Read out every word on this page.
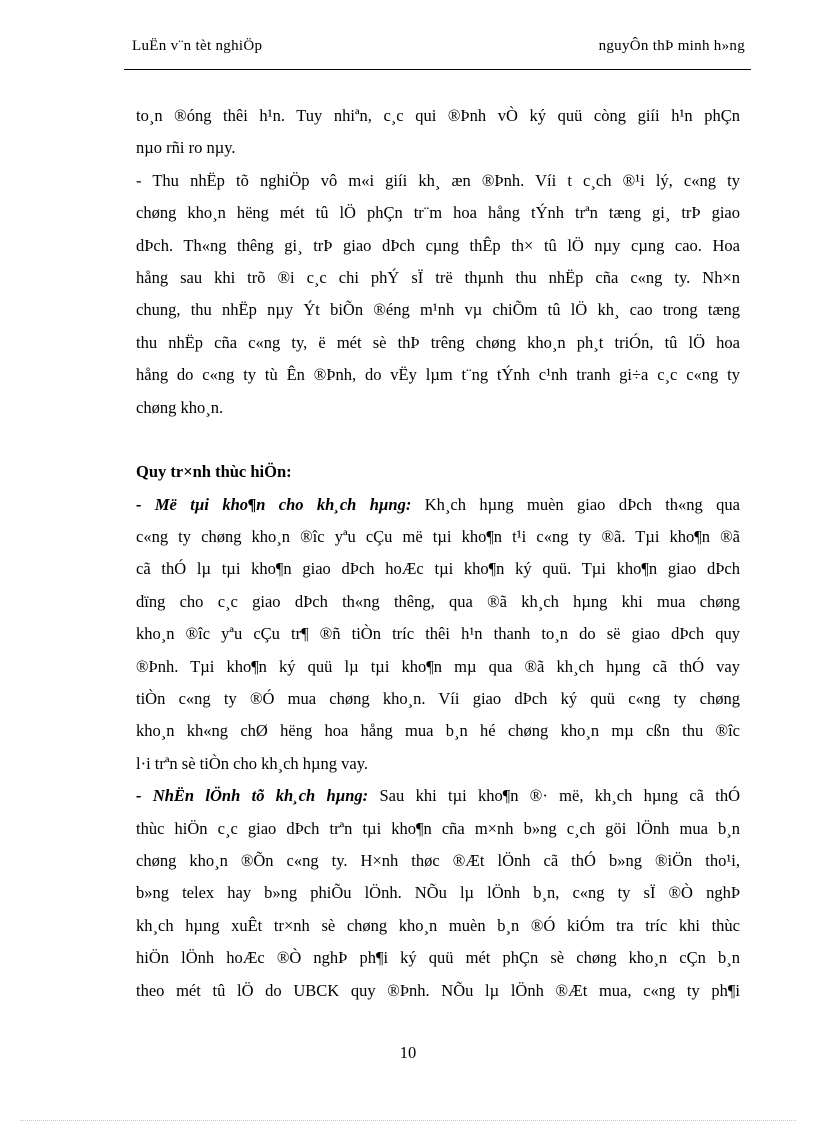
LuËn v¨n tèt nghiÖp	nguyÔn thÞ minh h»ng
to¸n ®óng thêi h¹n. Tuy nhiªn, c¸c qui ®Þnh vÒ ký quü còng giíi h¹n phÇn
nµo rñi ro nµy.
- Thu nhËp tõ nghiÖp vô m«i giíi kh¸ æn ®Þnh. Víi t c¸ch ®¹i lý, c«ng ty
chøng kho¸n hëng mét tû lÖ phÇn tr¨m hoa hång tÝnh trªn tæng gi¸ trÞ giao
dÞch. Th«ng thêng gi¸ trÞ giao dÞch cµng thÊp th× tû lÖ nµy cµng cao. Hoa
hång sau khi trõ ®i c¸c chi phÝ sÏ trë thµnh thu nhËp cña c«ng ty. Nh×n
chung, thu nhËp nµy Ýt biÕn ®éng m¹nh vµ chiÕm tû lÖ kh¸ cao trong tæng
thu nhËp cña c«ng ty, ë mét sè thÞ trêng chøng kho¸n ph¸t triÓn, tû lÖ hoa
hång do c«ng ty tù Ên ®Þnh, do vËy lµm t¨ng tÝnh c¹nh tranh gi÷a c¸c c«ng ty
chøng kho¸n.
Quy tr×nh thùc hiÖn:
- Më tµi kho¶n cho kh¸ch hµng: Kh¸ch hµng muèn giao dÞch th«ng qua
c«ng ty chøng kho¸n ®îc yªu cÇu më tµi kho¶n t¹i c«ng ty ®ã. Tµi kho¶n ®ã
cã thÓ lµ tµi kho¶n giao dÞch hoÆc tµi kho¶n ký quü. Tµi kho¶n giao dÞch
dïng cho c¸c giao dÞch th«ng thêng, qua ®ã kh¸ch hµng khi mua chøng
kho¸n ®îc yªu cÇu tr¶ ®ñ tiÒn tríc thêi h¹n thanh to¸n do së giao dÞch quy
®Þnh. Tµi kho¶n ký quü lµ tµi kho¶n mµ qua ®ã kh¸ch hµng cã thÓ vay
tiÒn c«ng ty ®Ó mua chøng kho¸n. Víi giao dÞch ký quü c«ng ty chøng
kho¸n kh«ng chØ hëng hoa hång mua b¸n hé chøng kho¸n mµ cßn thu ®îc
l·i trªn sè tiÒn cho kh¸ch hµng vay.
- NhËn lÖnh tõ kh¸ch hµng: Sau khi tµi kho¶n ®· më, kh¸ch hµng cã thÓ
thùc hiÖn c¸c giao dÞch trªn tµi kho¶n cña m×nh b»ng c¸ch göi lÖnh mua b¸n
chøng kho¸n ®Õn c«ng ty. H×nh thøc ®Æt lÖnh cã thÓ b»ng ®iÖn tho¹i,
b»ng telex hay b»ng phiÕu lÖnh. NÕu lµ lÖnh b¸n, c«ng ty sÏ ®Ò nghÞ
kh¸ch hµng xuÊt tr×nh sè chøng kho¸n muèn b¸n ®Ó kiÓm tra tríc khi thùc
hiÖn lÖnh hoÆc ®Ò nghÞ ph¶i ký quü mét phÇn sè chøng kho¸n cÇn b¸n
theo mét tû lÖ do UBCK quy ®Þnh. NÕu lµ lÖnh ®Æt mua, c«ng ty ph¶i
10
